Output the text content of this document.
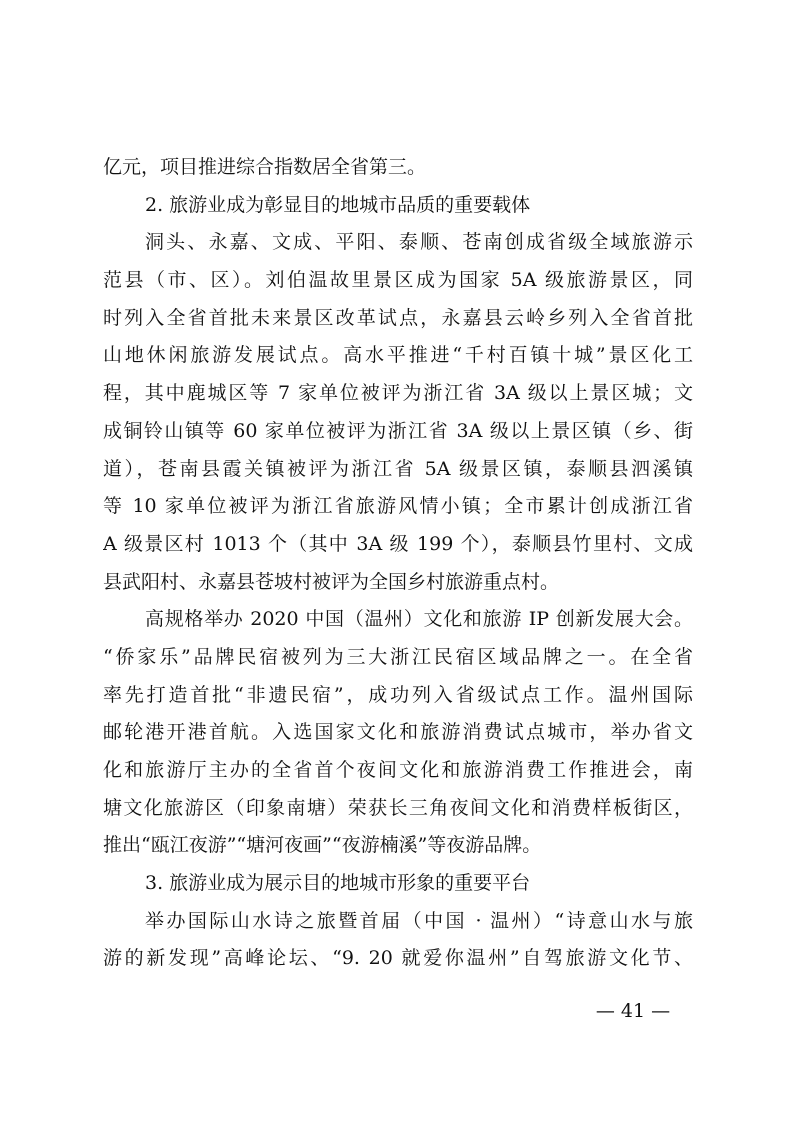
亿元，项目推进综合指数居全省第三。
2. 旅游业成为彰显目的地城市品质的重要载体
洞头、永嘉、文成、平阳、泰顺、苍南创成省级全域旅游示
范县（市、区）。刘伯温故里景区成为国家 5A 级旅游景区，同
时列入全省首批未来景区改革试点，永嘉县云岭乡列入全省首批
山地休闲旅游发展试点。高水平推进“千村百镇十城”景区化工
程，其中鹿城区等 7 家单位被评为浙江省 3A 级以上景区城；文
成铜铃山镇等 60 家单位被评为浙江省 3A 级以上景区镇（乡、街
道），苍南县霞关镇被评为浙江省 5A 级景区镇，泰顺县泗溪镇
等 10 家单位被评为浙江省旅游风情小镇；全市累计创成浙江省
A 级景区村 1013 个（其中 3A 级 199 个），泰顺县竹里村、文成
县武阳村、永嘉县苍坡村被评为全国乡村旅游重点村。
高规格举办 2020 中国（温州）文化和旅游 IP 创新发展大会。
“侨家乐”品牌民宿被列为三大浙江民宿区域品牌之一。在全省
率先打造首批“非遗民宿”，成功列入省级试点工作。温州国际
邮轮港开港首航。入选国家文化和旅游消费试点城市，举办省文
化和旅游厅主办的全省首个夜间文化和旅游消费工作推进会，南
塘文化旅游区（印象南塘）荣获长三角夜间文化和消费样板街区，
推出“瓯江夜游”“塘河夜画”“夜游楠溪”等夜游品牌。
3. 旅游业成为展示目的地城市形象的重要平台
举办国际山水诗之旅暨首届（中国 · 温州）“诗意山水与旅
游的新发现”高峰论坛、“9. 20 就爱你温州”自驾旅游文化节、
— 41 —
